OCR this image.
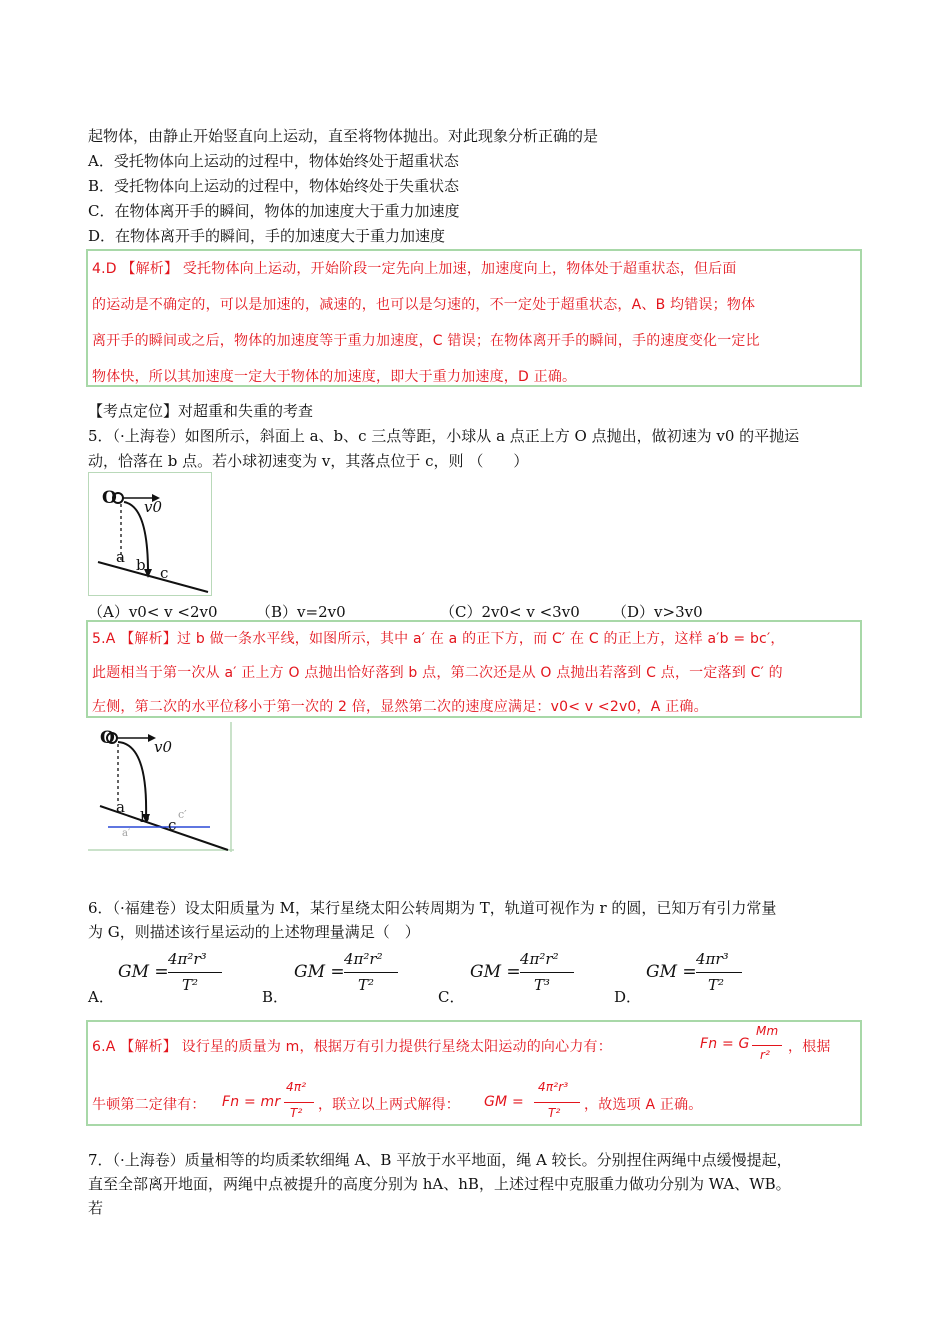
起物体，由静止开始竖直向上运动，直至将物体抛出。对此现象分析正确的是
A．受托物体向上运动的过程中，物体始终处于超重状态
B．受托物体向上运动的过程中，物体始终处于失重状态
C．在物体离开手的瞬间，物体的加速度大于重力加速度
D．在物体离开手的瞬间，手的加速度大于重力加速度
4.D 【解析】 受托物体向上运动，开始阶段一定先向上加速，加速度向上，物体处于超重状态，但后面
的运动是不确定的，可以是加速的，减速的，也可以是匀速的，不一定处于超重状态，A、B 均错误；物体
离开手的瞬间或之后，物体的加速度等于重力加速度，C 错误；在物体离开手的瞬间，手的速度变化一定比
物体快，所以其加速度一定大于物体的加速度，即大于重力加速度，D 正确。
【考点定位】对超重和失重的考查
5．（·上海卷）如图所示，斜面上 a、b、c 三点等距，小球从 a 点正上方 O 点抛出，做初速为 v0 的平抛运
动，恰落在 b 点。若小球初速变为 v，其落点位于 c，则 （　　）
O v0
a b c
（A）v0< v <2v0	（B）v=2v0	（C）2v0< v <3v0 （D）v>3v0
5.A 【解析】过 b 做一条水平线，如图所示，其中 a′ 在 a 的正下方，而 C′ 在 C 的正上方，这样 a′b = bc′，
此题相当于第一次从 a′ 正上方 O 点抛出恰好落到 b 点，第二次还是从 O 点抛出若落到 C 点，一定落到 C′ 的
左侧，第二次的水平位移小于第一次的 2 倍，显然第二次的速度应满足：v0< v <2v0，A 正确。
O	v0
a
b c
c′
a′
6．（·福建卷）设太阳质量为 M，某行星绕太阳公转周期为 T，轨道可视作为 r 的圆，已知万有引力常量
为 G，则描述该行星运动的上述物理量满足（　）
A．
GM =
4π²r³
T²
B．
GM =
4π²r²
T²
C．
GM =
4π²r²
T³
D．
GM =
4πr³
T²
6.A 【解析】 设行星的质量为 m，根据万有引力提供行星绕太阳运动的向心力有：	Fn = G
Mm
r² ，根据
牛顿第二定律有： Fn = mr
4π²
T² ，联立以上两式解得： GM =
4π²r³
T² ，故选项 A 正确。
7．（·上海卷）质量相等的均质柔软细绳 A、B 平放于水平地面，绳 A 较长。分别捏住两绳中点缓慢提起，
直至全部离开地面，两绳中点被提升的高度分别为 hA、hB，上述过程中克服重力做功分别为 WA、WB。
若
